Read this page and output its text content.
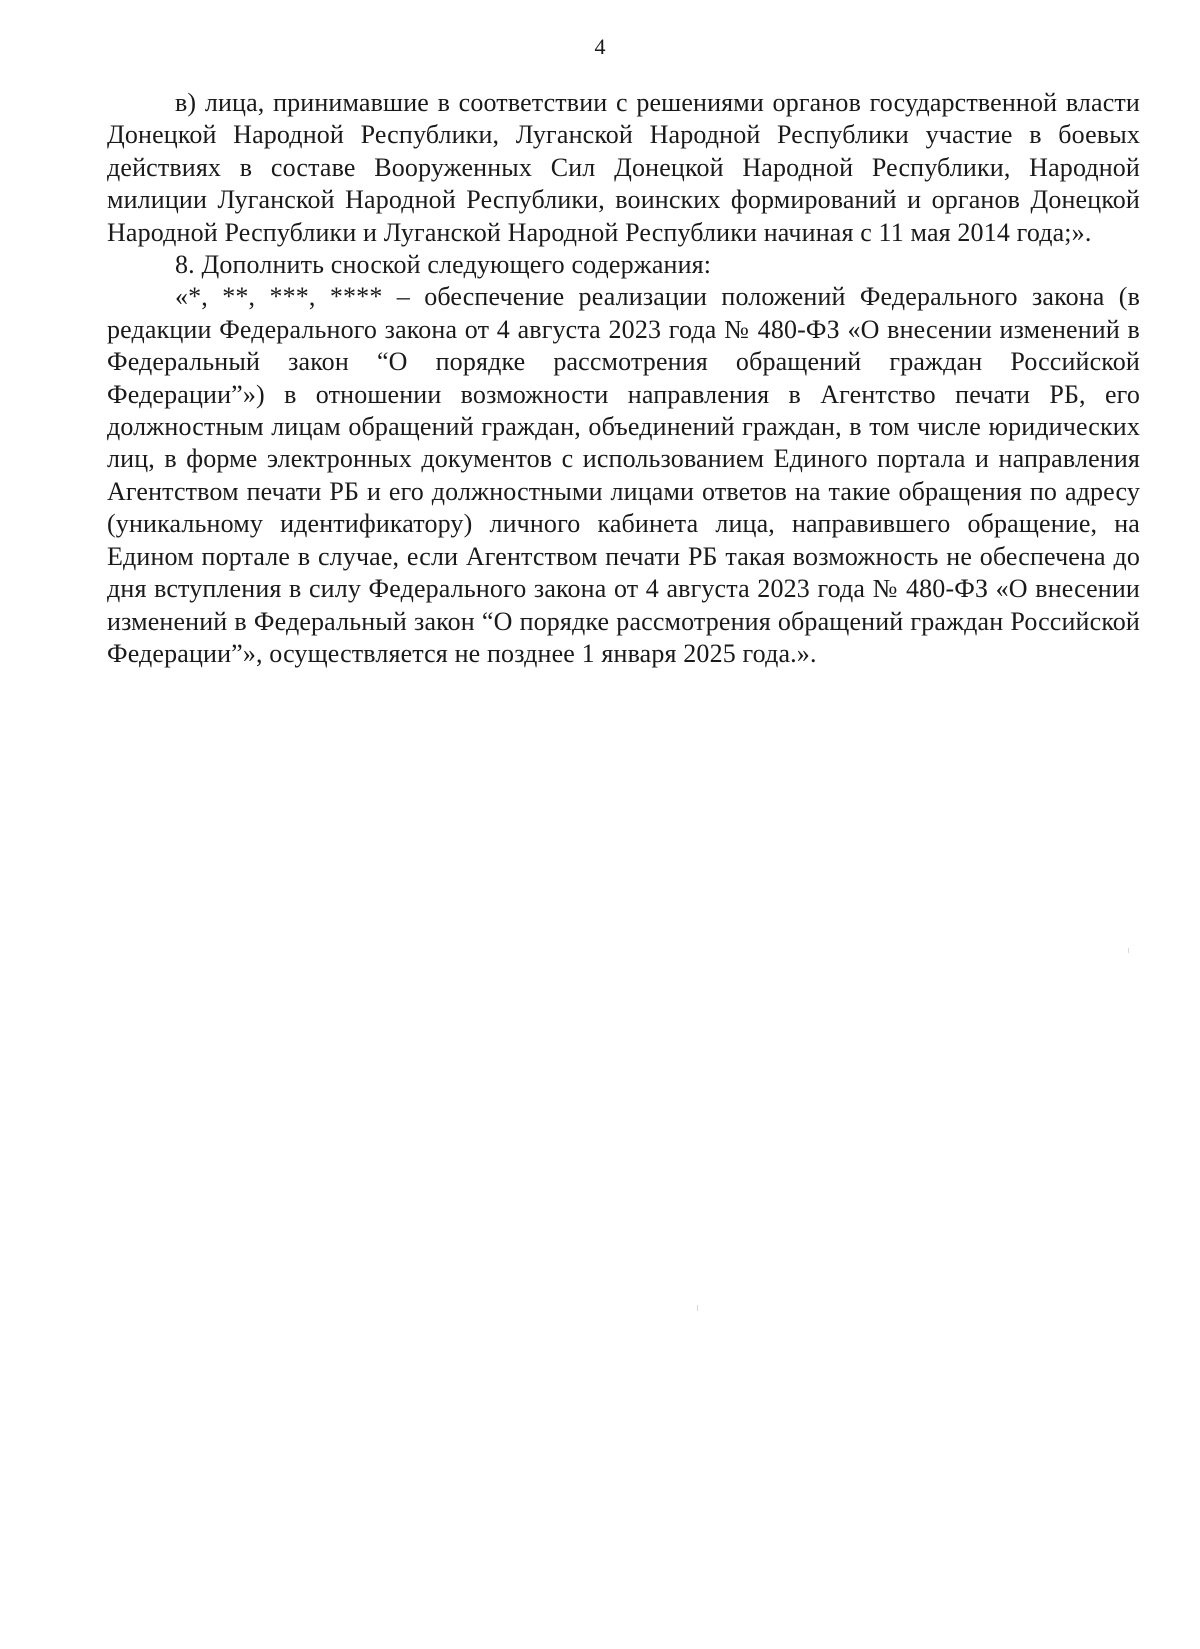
4

в) лица, принимавшие в соответствии с решениями органов государственной власти Донецкой Народной Республики, Луганской Народной Республики участие в боевых действиях в составе Вооруженных Сил Донецкой Народной Республики, Народной милиции Луганской Народной Республики, воинских формирований и органов Донецкой Народной Республики и Луганской Народной Республики начиная с 11 мая 2014 года;».

8. Дополнить сноской следующего содержания:

«*, **, ***, **** – обеспечение реализации положений Федерального закона (в редакции Федерального закона от 4 августа 2023 года № 480-ФЗ «О внесении изменений в Федеральный закон “О порядке рассмотрения обращений граждан Российской Федерации”») в отношении возможности направления в Агентство печати РБ, его должностным лицам обращений граждан, объединений граждан, в том числе юридических лиц, в форме электронных документов с использованием Единого портала и направления Агентством печати РБ и его должностными лицами ответов на такие обращения по адресу (уникальному идентификатору) личного кабинета лица, направившего обращение, на Едином портале в случае, если Агентством печати РБ такая возможность не обеспечена до дня вступления в силу Федерального закона от 4 августа 2023 года № 480-ФЗ «О внесении изменений в Федеральный закон “О порядке рассмотрения обращений граждан Российской Федерации”», осуществляется не позднее 1 января 2025 года.».
